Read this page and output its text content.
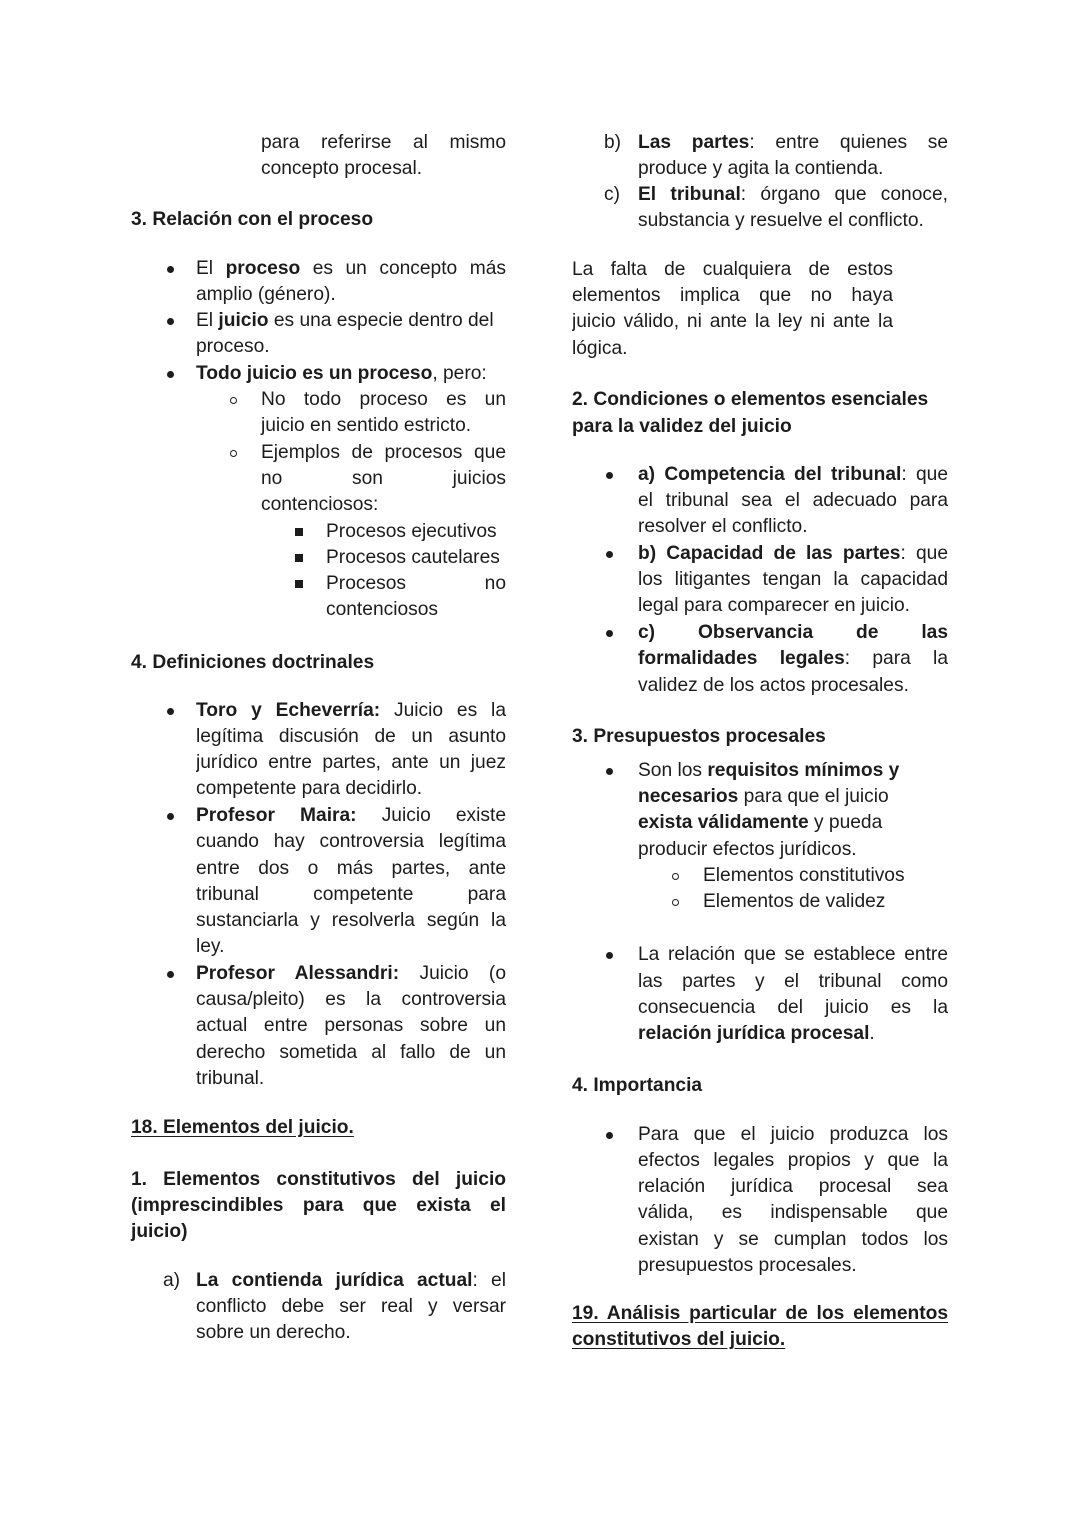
para referirse al mismo
concepto procesal.
3. Relación con el proceso
El proceso es un concepto más
amplio (género).
El juicio es una especie dentro del
proceso.
Todo juicio es un proceso, pero:
No todo proceso es un
juicio en sentido estricto.
Ejemplos de procesos que
no son juicios
contenciosos:
Procesos ejecutivos
Procesos cautelares
Procesos no
contenciosos
4. Definiciones doctrinales
Toro y Echeverría: Juicio es la
legítima discusión de un asunto
jurídico entre partes, ante un juez
competente para decidirlo.
Profesor Maira: Juicio existe
cuando hay controversia legítima
entre dos o más partes, ante
tribunal competente para
sustanciarla y resolverla según la
ley.
Profesor Alessandri: Juicio (o
causa/pleito) es la controversia
actual entre personas sobre un
derecho sometida al fallo de un
tribunal.
18. Elementos del juicio.
1. Elementos constitutivos del juicio
(imprescindibles para que exista el
juicio)
a) La contienda jurídica actual: el
conflicto debe ser real y versar
sobre un derecho.
b) Las partes: entre quienes se
produce y agita la contienda.
c) El tribunal: órgano que conoce,
substancia y resuelve el conflicto.
La falta de cualquiera de estos
elementos implica que no haya
juicio válido, ni ante la ley ni ante la
lógica.
2. Condiciones o elementos esenciales
para la validez del juicio
a) Competencia del tribunal: que
el tribunal sea el adecuado para
resolver el conflicto.
b) Capacidad de las partes: que
los litigantes tengan la capacidad
legal para comparecer en juicio.
c) Observancia de las
formalidades legales: para la
validez de los actos procesales.
3. Presupuestos procesales
Son los requisitos mínimos y
necesarios para que el juicio
exista válidamente y pueda
producir efectos jurídicos.
Elementos constitutivos
Elementos de validez
La relación que se establece entre
las partes y el tribunal como
consecuencia del juicio es la
relación jurídica procesal.
4. Importancia
Para que el juicio produzca los
efectos legales propios y que la
relación jurídica procesal sea
válida, es indispensable que
existan y se cumplan todos los
presupuestos procesales.
19. Análisis particular de los elementos
constitutivos del juicio.
